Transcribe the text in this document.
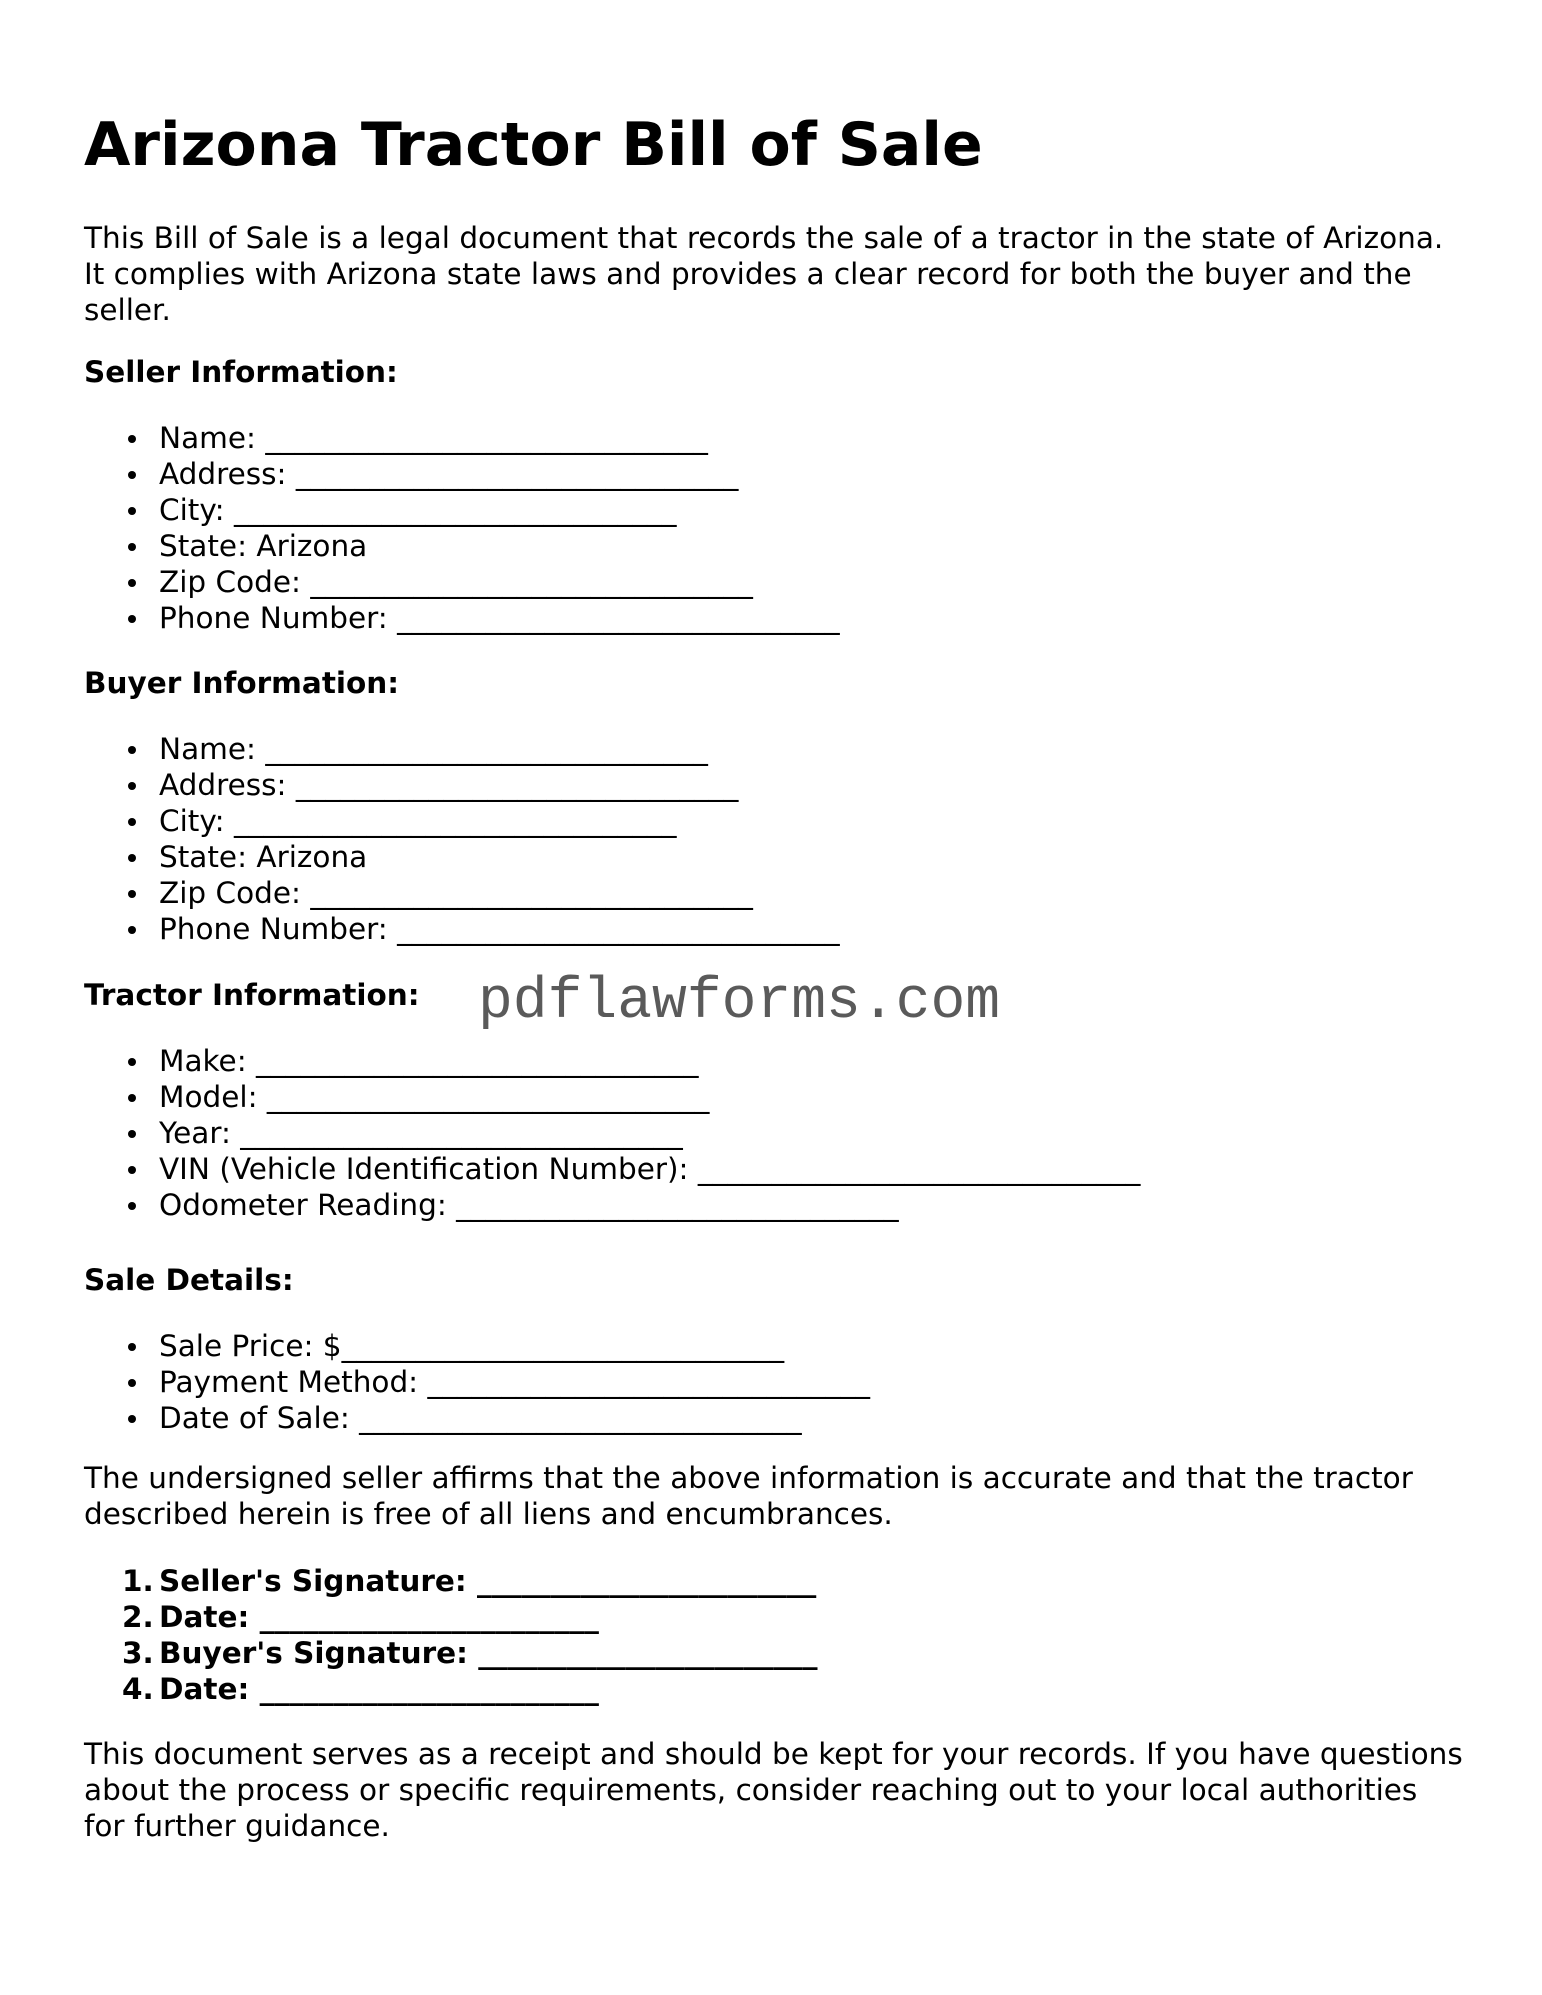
Arizona Tractor Bill of Sale

This Bill of Sale is a legal document that records the sale of a tractor in the state of Arizona. It complies with Arizona state laws and provides a clear record for both the buyer and the seller.

Seller Information:
Name: ______________________________
Address: ______________________________
City: ______________________________
State: Arizona
Zip Code: ______________________________
Phone Number: ______________________________
Buyer Information:
Name: ______________________________
Address: ______________________________
City: ______________________________
State: Arizona
Zip Code: ______________________________
Phone Number: ______________________________
Tractor Information:
Make: ______________________________
Model: ______________________________
Year: ______________________________
VIN (Vehicle Identification Number): ______________________________
Odometer Reading: ______________________________
Sale Details:
Sale Price: $______________________________
Payment Method: ______________________________
Date of Sale: ______________________________

The undersigned seller affirms that the above information is accurate and that the tractor described herein is free of all liens and encumbrances.

1. Seller's Signature: _______________________
2. Date: _______________________
3. Buyer's Signature: _______________________
4. Date: _______________________

This document serves as a receipt and should be kept for your records. If you have questions about the process or specific requirements, consider reaching out to your local authorities for further guidance.

pdflawforms.com
